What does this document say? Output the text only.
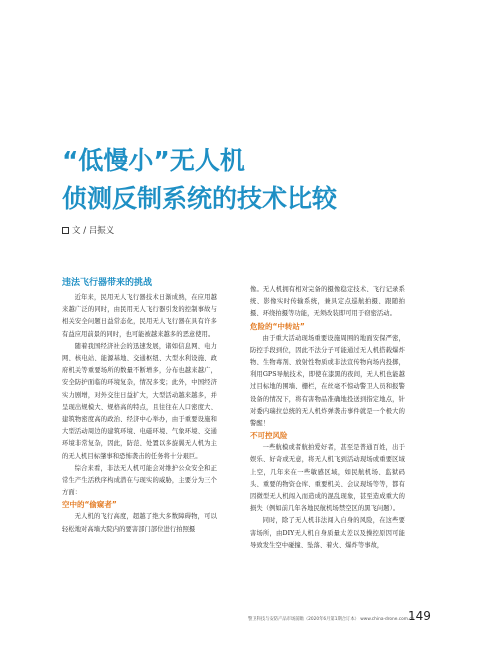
“低慢小”无人机
侦测反制系统的技术比较
文 / 吕振义
违法飞行器带来的挑战

近年来，民用无人飞行器技术日渐成熟，在应用越来越广泛的同时，由民用无人飞行器引发的控制事故与相关安全问题日益常态化，民用无人飞行器在具有许多有益应用前景的同时，也可能被越来越多的恶意使用。

随着我国经济社会的迅速发展，诸如信息网、电力网、核电站、能源基地、交通枢纽、大型水利设施、政府机关等重要场所的数量不断增多，分布也越来越广，安全防护面临的环境复杂，情况多变；此外，中国经济实力剧增，对外交往日益扩大，大型活动越来越多，并呈现出规模大、规格高的特点，且往往在人口密度大、建筑物密度高的政治、经济中心举办，由于重要设施和大型活动周边的建筑环境、电磁环境、气象环境、交通环境非常复杂，因此，防范、处置以多旋翼无人机为主的无人机目标肇事和恐怖袭击的任务将十分艰巨。

综合来看，非法无人机可能会对维护公众安全和正常生产生活秩序构成潜在与现实的威胁，主要分为三个方面：

空中的“偷窥者”

无人机的飞行高度，超越了绝大多数障碍物，可以轻松地对高墙大院内的要害部门部位进行拍照摄

像。无人机拥有相对完备的摄像稳定技术、飞行记录系统、影像实时传输系统，兼具定点巡航拍摄、跟随拍摄、环绕拍摄等功能，无须改装即可用于窃密活动。

危险的“中转站”

由于重大活动现场重要设施周围的地面安保严密，防控手段到位，因此不法分子可能通过无人机搭载爆炸物、生物毒剂、放射性物质或非法宣传物向场内投掷，利用GPS导航技术，即使在漆黑的夜间，无人机也能越过目标地的围墙、栅栏，在丝毫不惊动警卫人员和报警设备的情况下，将有害物品准确地投送到指定地点，针对委内瑞拉总统的无人机炸弹袭击事件就是一个极大的警醒！

不可控风险

一些航模或者航拍爱好者，甚至是普通百姓，出于娱乐、好奇或无意，将无人机飞到活动现场或重要区域上空，几年来在一些敏感区域，如民航机场、监狱码头、重要的物资仓库、重要机关、会议现场等等，都有因微型无人机闯入而造成的混乱现象，甚至造成重大的损失（例如前几年各地民航机场禁空区的黑飞问题）。

同时，除了无人机非法闯入自身的风险，在这些要害场所，由DIY无人机自身质量太差以及操控原因可能导致发生空中碰撞、坠落、着火、爆炸等事故，

警卫科技与安防产品市场前瞻（2020年6月第1期合订本） www.china-drone.com.cn
149
